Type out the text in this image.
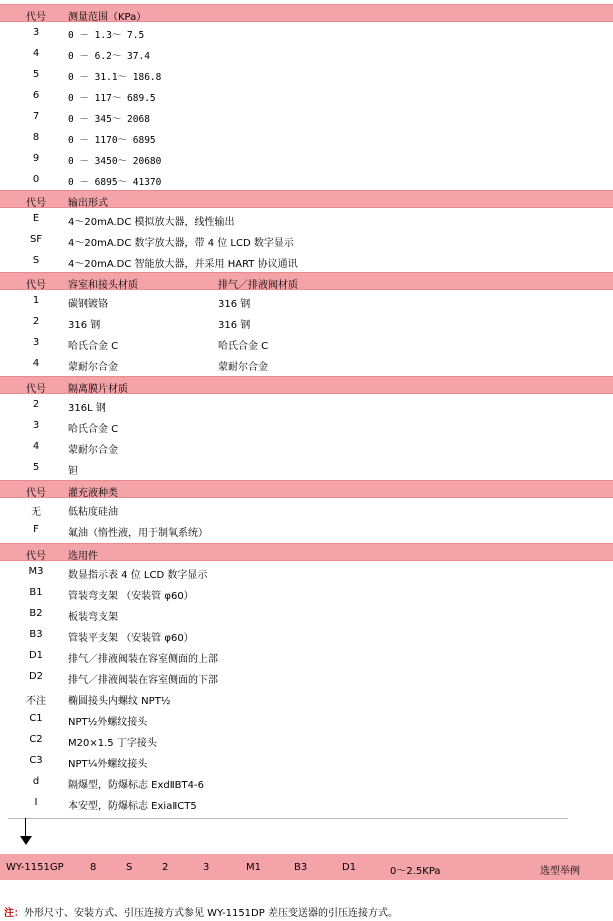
代号	测量范围（KPa）
3	0 － 1.3～ 7.5
4	0 － 6.2～ 37.4
5	0 － 31.1～ 186.8
6	0 － 117～ 689.5
7	0 － 345～ 2068
8	0 － 1170～ 6895
9	0 － 3450～ 20680
0	0 － 6895～ 41370
代号	输出形式
E	4～20mA.DC 模拟放大器，线性输出
SF	4～20mA.DC 数字放大器，带 4 位 LCD 数字显示
S	4～20mA.DC 智能放大器，并采用 HART 协议通讯
代号	容室和接头材质	排气／排液阀材质
1	碳钢镀铬	316 钢
2	316 钢	316 钢
3	哈氏合金 C	哈氏合金 C
4	蒙耐尔合金	蒙耐尔合金
代号	隔离膜片材质
2	316L 钢
3	哈氏合金 C
4	蒙耐尔合金
5	钽
代号	灌充液种类
无	低粘度硅油
F	氟油（惰性液，用于制氧系统）
代号	选用件
M3	数显指示表 4 位 LCD 数字显示
B1	管装弯支架 （安装管 φ60）
B2	板装弯支架
B3	管装平支架 （安装管 φ60）
D1	排气／排液阀装在容室侧面的上部
D2	排气／排液阀装在容室侧面的下部
不注	椭圆接头内螺纹 NPT½
C1	NPT½外螺纹接头
C2	M20×1.5 丁字接头
C3	NPT¼外螺纹接头
d	隔爆型，防爆标志 ExdⅡBT4-6
I	本安型，防爆标志 ExiaⅡCT5
WY-1151GP	8	S	2	3	M1	B3	D1	0～2.5KPa	选型举例
注：外形尺寸、安装方式、引压连接方式参见 WY-1151DP 差压变送器的引压连接方式。
